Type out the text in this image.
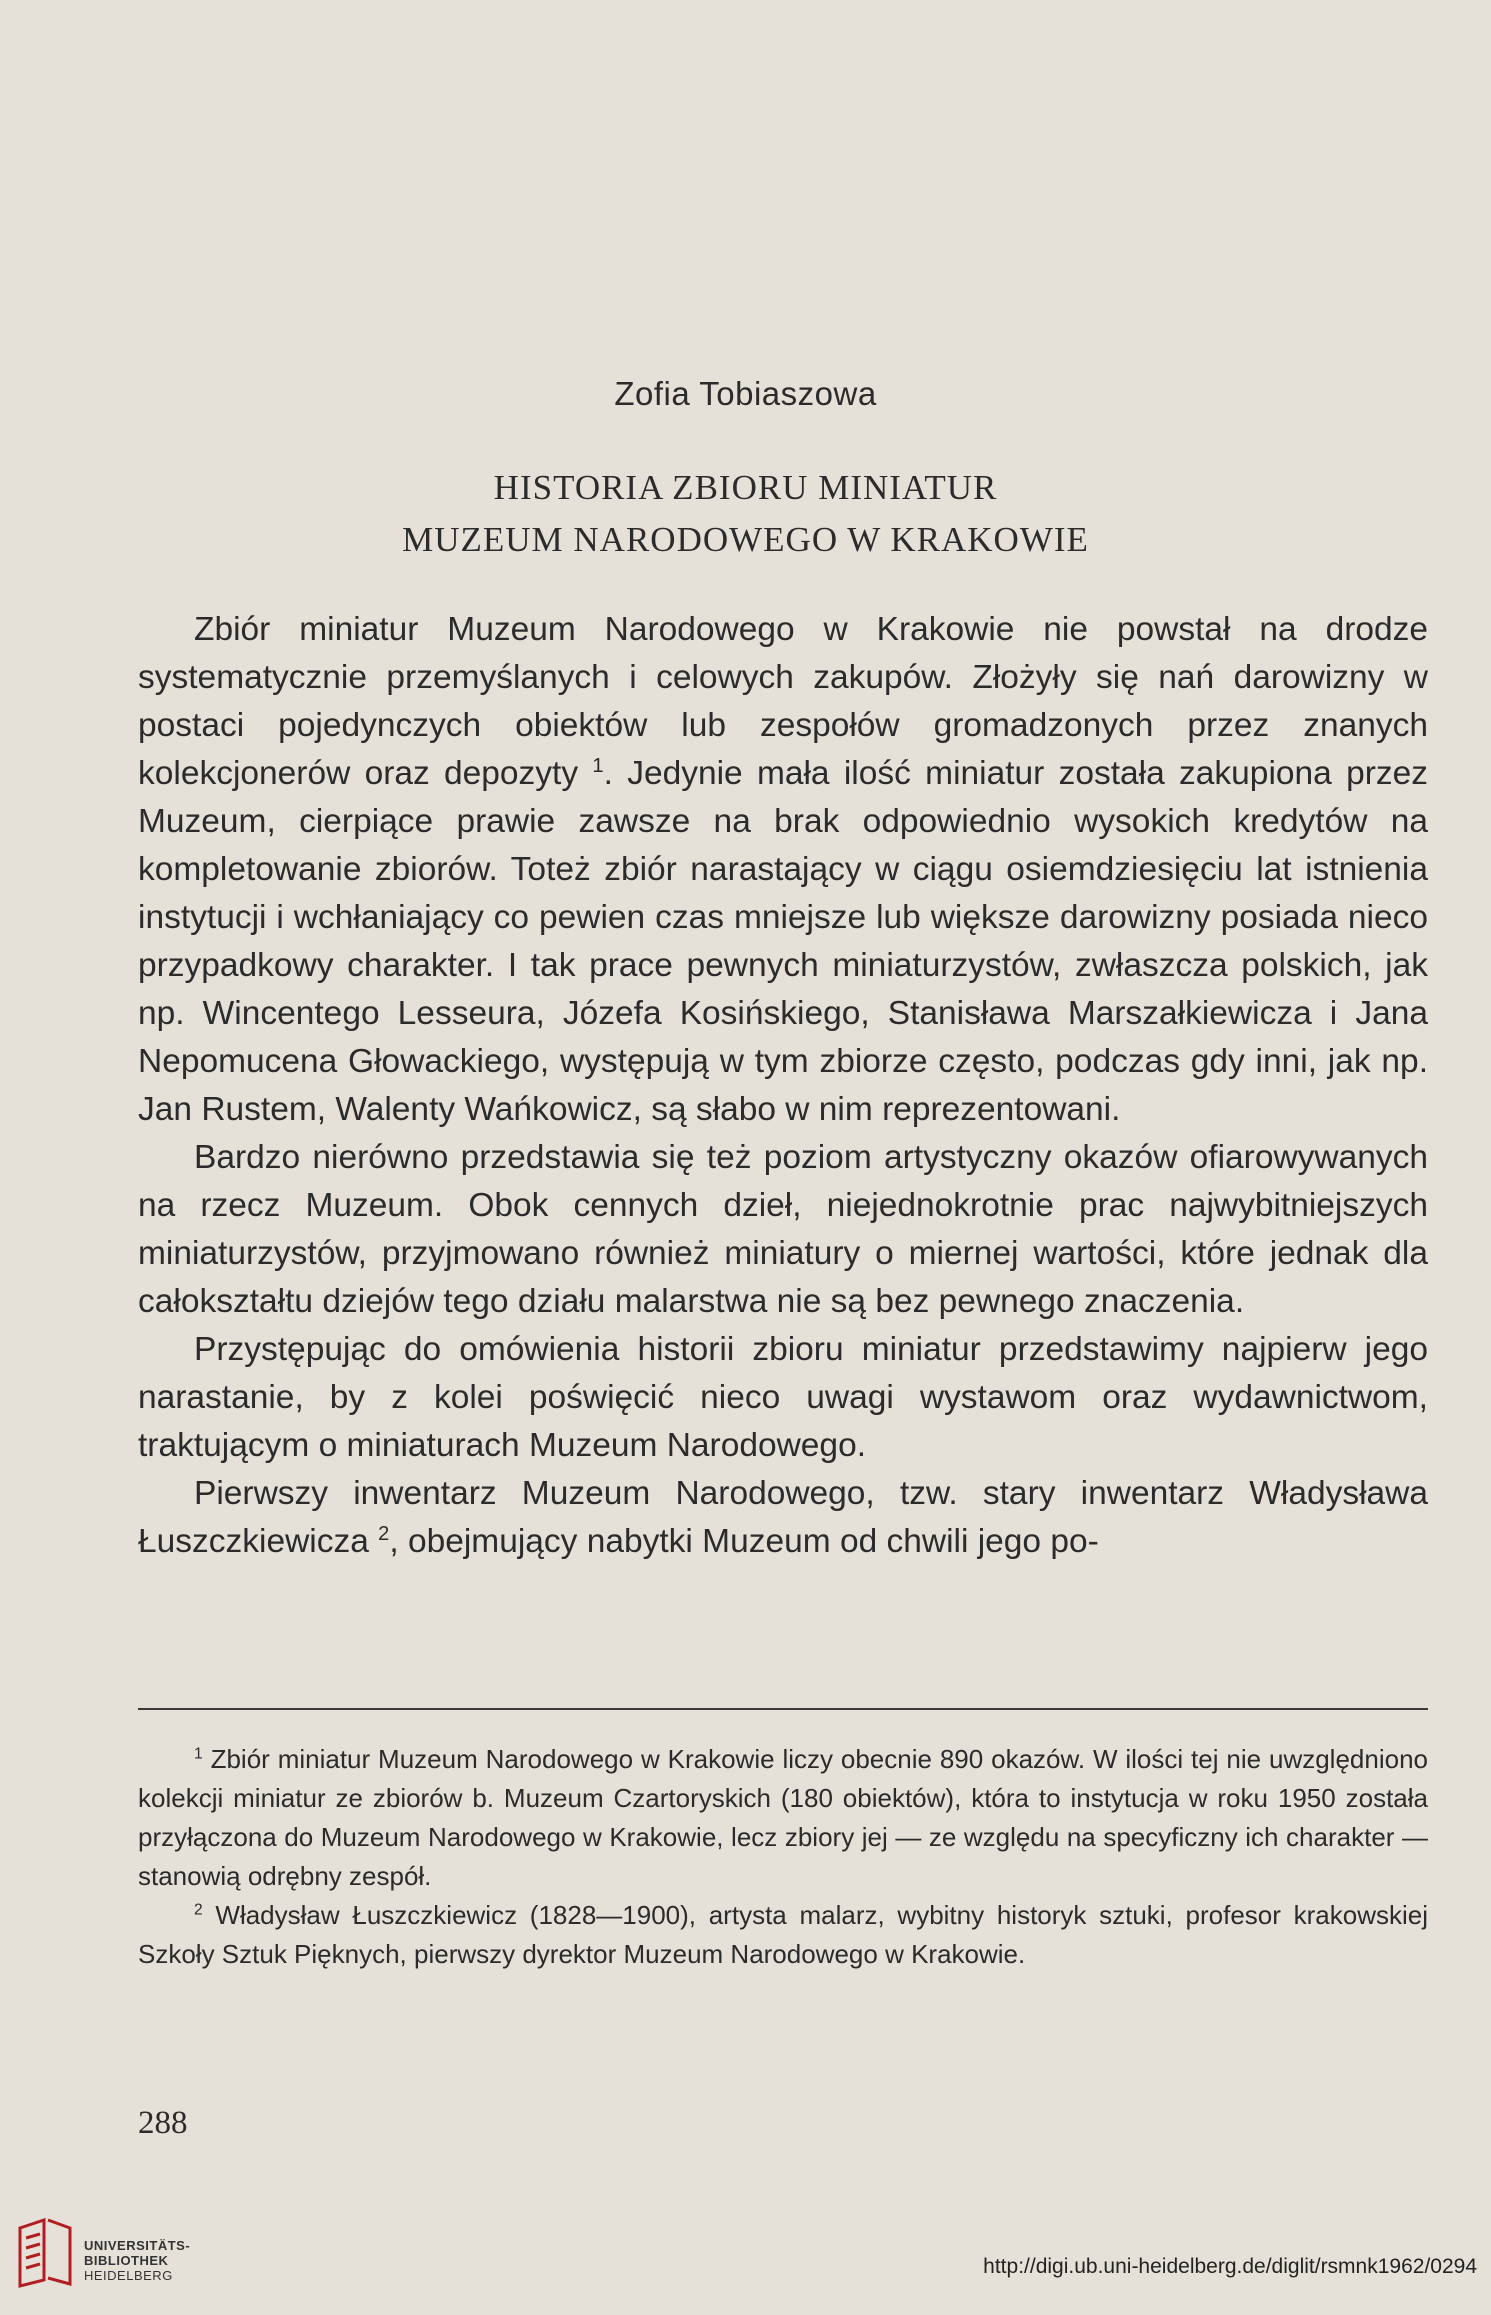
Zofia Tobiaszowa
HISTORIA ZBIORU MINIATUR
MUZEUM NARODOWEGO W KRAKOWIE

Zbiór miniatur Muzeum Narodowego w Krakowie nie powstał na drodze systematycznie przemyślanych i celowych zakupów. Złożyły się nań darowizny w postaci pojedynczych obiektów lub zespołów gromadzonych przez znanych kolekcjonerów oraz depozyty $^1$. Jedynie mała ilość miniatur została zakupiona przez Muzeum, cierpiące prawie zawsze na brak odpowiednio wysokich kredytów na kompletowanie zbiorów. Toteż zbiór narastający w ciągu osiemdziesięciu lat istnienia instytucji i wchłaniający co pewien czas mniejsze lub większe darowizny posiada nieco przypadkowy charakter. I tak prace pewnych miniaturzystów, zwłaszcza polskich, jak np. Wincentego Lesseura, Józefa Kosińskiego, Stanisława Marszałkiewicza i Jana Nepomucena Głowackiego, występują w tym zbiorze często, podczas gdy inni, jak np. Jan Rustem, Walenty Wańkowicz, są słabo w nim reprezentowani.

Bardzo nierówno przedstawia się też poziom artystyczny okazów ofiarowywanych na rzecz Muzeum. Obok cennych dzieł, niejednokrotnie prac najwybitniejszych miniaturzystów, przyjmowano również miniatury o miernej wartości, które jednak dla całokształtu dziejów tego działu malarstwa nie są bez pewnego znaczenia.

Przystępując do omówienia historii zbioru miniatur przedstawimy najpierw jego narastanie, by z kolei poświęcić nieco uwagi wystawom oraz wydawnictwom, traktującym o miniaturach Muzeum Narodowego.

Pierwszy inwentarz Muzeum Narodowego, tzw. stary inwentarz Władysława Łuszczkiewicza $^2$, obejmujący nabytki Muzeum od chwili jego po-

$^1$ Zbiór miniatur Muzeum Narodowego w Krakowie liczy obecnie 890 okazów. W ilości tej nie uwzględniono kolekcji miniatur ze zbiorów b. Muzeum Czartoryskich (180 obiektów), która to instytucja w roku 1950 została przyłączona do Muzeum Narodowego w Krakowie, lecz zbiory jej — ze względu na specyficzny ich charakter — stanowią odrębny zespół.

$^2$ Władysław Łuszczkiewicz (1828—1900), artysta malarz, wybitny historyk sztuki, profesor krakowskiej Szkoły Sztuk Pięknych, pierwszy dyrektor Muzeum Narodowego w Krakowie.

288
UNIVERSITÄTS-
BIBLIOTHEK
HEIDELBERG	http://digi.ub.uni-heidelberg.de/diglit/rsmnk1962/0294
